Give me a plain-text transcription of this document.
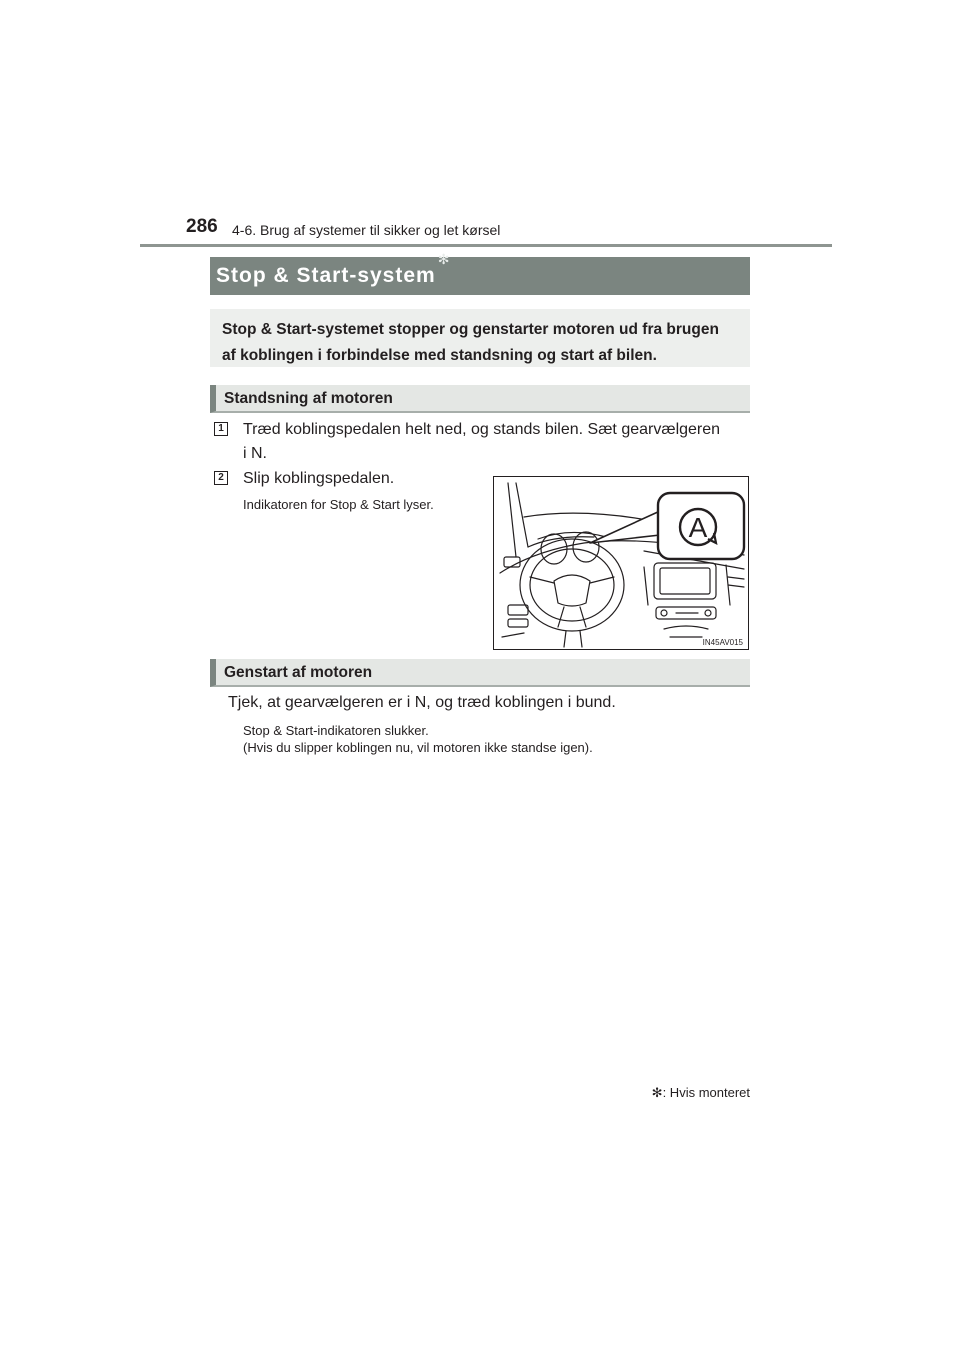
286 4-6. Brug af systemer til sikker og let kørsel
Stop & Start-system✻
Stop & Start-systemet stopper og genstarter motoren ud fra brugen
af koblingen i forbindelse med standsning og start af bilen.
Standsning af motoren
1 Træd koblingspedalen helt ned, og stands bilen. Sæt gearvælgeren
i N.
2 Slip koblingspedalen.
Indikatoren for Stop & Start lyser.
A
IN45AV015
Genstart af motoren
Tjek, at gearvælgeren er i N, og træd koblingen i bund.
Stop & Start-indikatoren slukker.
(Hvis du slipper koblingen nu, vil motoren ikke standse igen).
✻: Hvis monteret
